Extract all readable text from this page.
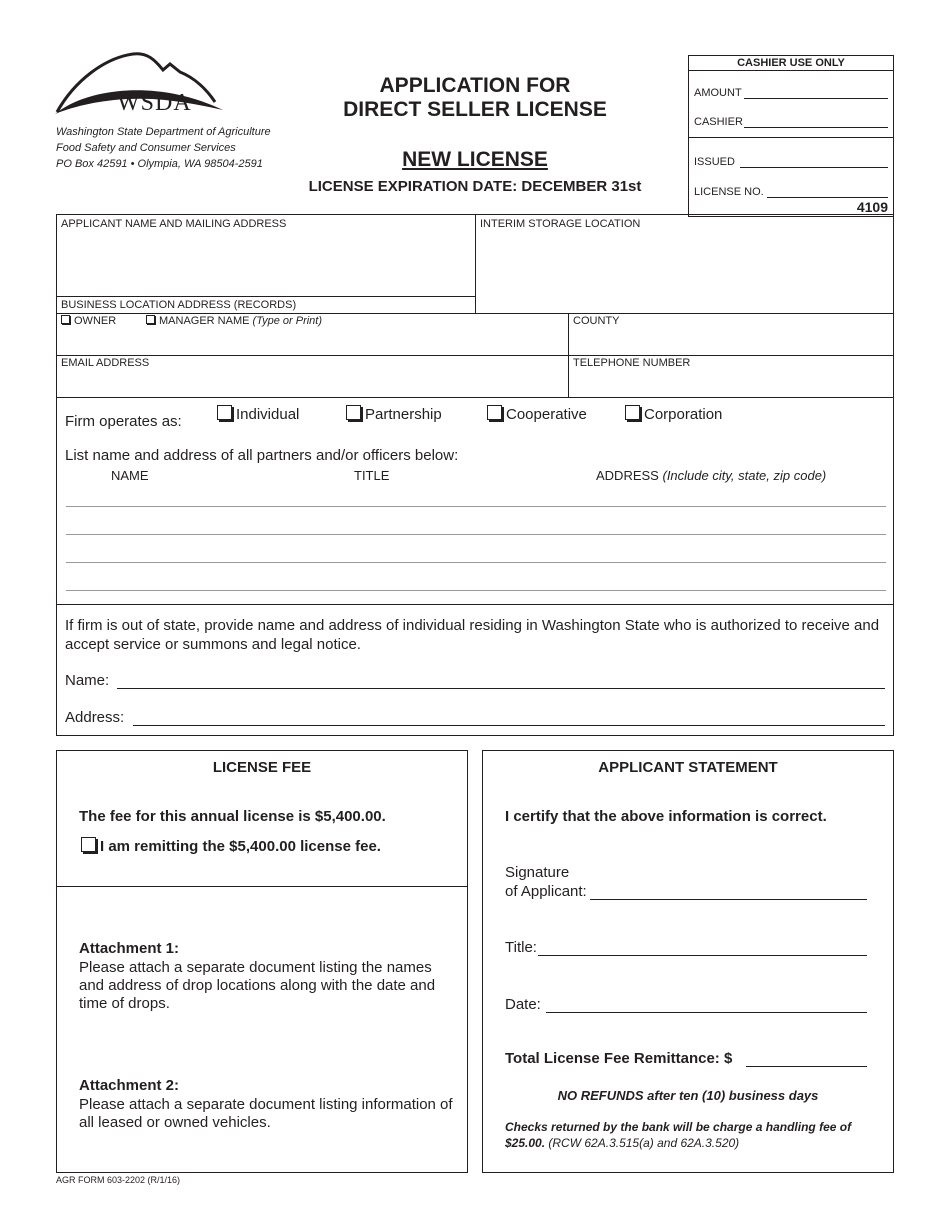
WSDA
Washington State Department of Agriculture
Food Safety and Consumer Services
PO Box 42591 • Olympia, WA 98504-2591
APPLICATION FOR
DIRECT SELLER LICENSE
NEW LICENSE
LICENSE EXPIRATION DATE: DECEMBER 31st
CASHIER USE ONLY
AMOUNT
CASHIER
ISSUED
LICENSE NO.
4109
APPLICANT NAME AND MAILING ADDRESS	INTERIM STORAGE LOCATION
BUSINESS LOCATION ADDRESS (RECORDS)
OWNER	MANAGER NAME (Type or Print)	COUNTY
EMAIL ADDRESS	TELEPHONE NUMBER
Firm operates as:	Individual	Partnership	Cooperative	Corporation
List name and address of all partners and/or officers below:
NAME	TITLE	ADDRESS (Include city, state, zip code)
If firm is out of state, provide name and address of individual residing in Washington State who is authorized to receive and accept service or summons and legal notice.
Name:
Address:
LICENSE FEE
The fee for this annual license is $5,400.00.
I am remitting the $5,400.00 license fee.
Attachment 1:
Please attach a separate document listing the names and address of drop locations along with the date and time of drops.
Attachment 2:
Please attach a separate document listing information of all leased or owned vehicles.
APPLICANT STATEMENT
I certify that the above information is correct.
Signature
of Applicant:
Title:
Date:
Total License Fee Remittance: $
NO REFUNDS after ten (10) business days
Checks returned by the bank will be charge a handling fee of $25.00. (RCW 62A.3.515(a) and 62A.3.520)
AGR FORM 603-2202 (R/1/16)
